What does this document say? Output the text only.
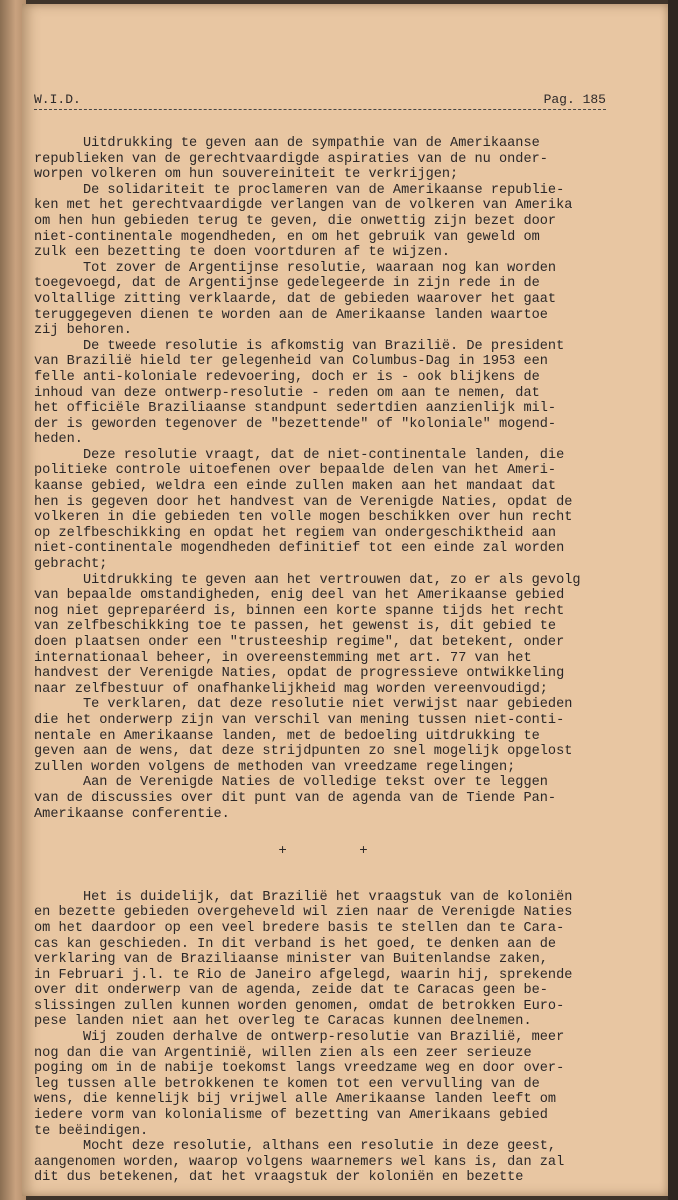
W.I.D.	Pag. 185
Uitdrukking te geven aan de sympathie van de Amerikaanse
republieken van de gerechtvaardigde aspiraties van de nu onder-
worpen volkeren om hun souvereiniteit te verkrijgen;
De solidariteit te proclameren van de Amerikaanse republie-
ken met het gerechtvaardigde verlangen van de volkeren van Amerika
om hen hun gebieden terug te geven, die onwettig zijn bezet door
niet-continentale mogendheden, en om het gebruik van geweld om
zulk een bezetting te doen voortduren af te wijzen.
Tot zover de Argentijnse resolutie, waaraan nog kan worden
toegevoegd, dat de Argentijnse gedelegeerde in zijn rede in de
voltallige zitting verklaarde, dat de gebieden waarover het gaat
teruggegeven dienen te worden aan de Amerikaanse landen waartoe
zij behoren.
De tweede resolutie is afkomstig van Brazilië. De president
van Brazilië hield ter gelegenheid van Columbus-Dag in 1953 een
felle anti-koloniale redevoering, doch er is - ook blijkens de
inhoud van deze ontwerp-resolutie - reden om aan te nemen, dat
het officiële Braziliaanse standpunt sedertdien aanzienlijk mil-
der is geworden tegenover de "bezettende" of "koloniale" mogend-
heden.
Deze resolutie vraagt, dat de niet-continentale landen, die
politieke controle uitoefenen over bepaalde delen van het Ameri-
kaanse gebied, weldra een einde zullen maken aan het mandaat dat
hen is gegeven door het handvest van de Verenigde Naties, opdat de
volkeren in die gebieden ten volle mogen beschikken over hun recht
op zelfbeschikking en opdat het regiem van ondergeschiktheid aan
niet-continentale mogendheden definitief tot een einde zal worden
gebracht;
Uitdrukking te geven aan het vertrouwen dat, zo er als gevolg
van bepaalde omstandigheden, enig deel van het Amerikaanse gebied
nog niet gepreparéerd is, binnen een korte spanne tijds het recht
van zelfbeschikking toe te passen, het gewenst is, dit gebied te
doen plaatsen onder een "trusteeship regime", dat betekent, onder
internationaal beheer, in overeenstemming met art. 77 van het
handvest der Verenigde Naties, opdat de progressieve ontwikkeling
naar zelfbestuur of onafhankelijkheid mag worden vereenvoudigd;
Te verklaren, dat deze resolutie niet verwijst naar gebieden
die het onderwerp zijn van verschil van mening tussen niet-conti-
nentale en Amerikaanse landen, met de bedoeling uitdrukking te
geven aan de wens, dat deze strijdpunten zo snel mogelijk opgelost
zullen worden volgens de methoden van vreedzame regelingen;
Aan de Verenigde Naties de volledige tekst over te leggen
van de discussies over dit punt van de agenda van de Tiende Pan-
Amerikaanse conferentie.
+ +
Het is duidelijk, dat Brazilië het vraagstuk van de koloniën
en bezette gebieden overgeheveld wil zien naar de Verenigde Naties
om het daardoor op een veel bredere basis te stellen dan te Cara-
cas kan geschieden. In dit verband is het goed, te denken aan de
verklaring van de Braziliaanse minister van Buitenlandse zaken,
in Februari j.l. te Rio de Janeiro afgelegd, waarin hij, sprekende
over dit onderwerp van de agenda, zeide dat te Caracas geen be-
slissingen zullen kunnen worden genomen, omdat de betrokken Euro-
pese landen niet aan het overleg te Caracas kunnen deelnemen.
Wij zouden derhalve de ontwerp-resolutie van Brazilië, meer
nog dan die van Argentinië, willen zien als een zeer serieuze
poging om in de nabije toekomst langs vreedzame weg en door over-
leg tussen alle betrokkenen te komen tot een vervulling van de
wens, die kennelijk bij vrijwel alle Amerikaanse landen leeft om
iedere vorm van kolonialisme of bezetting van Amerikaans gebied
te beëindigen.
Mocht deze resolutie, althans een resolutie in deze geest,
aangenomen worden, waarop volgens waarnemers wel kans is, dan zal
dit dus betekenen, dat het vraagstuk der koloniën en bezette
